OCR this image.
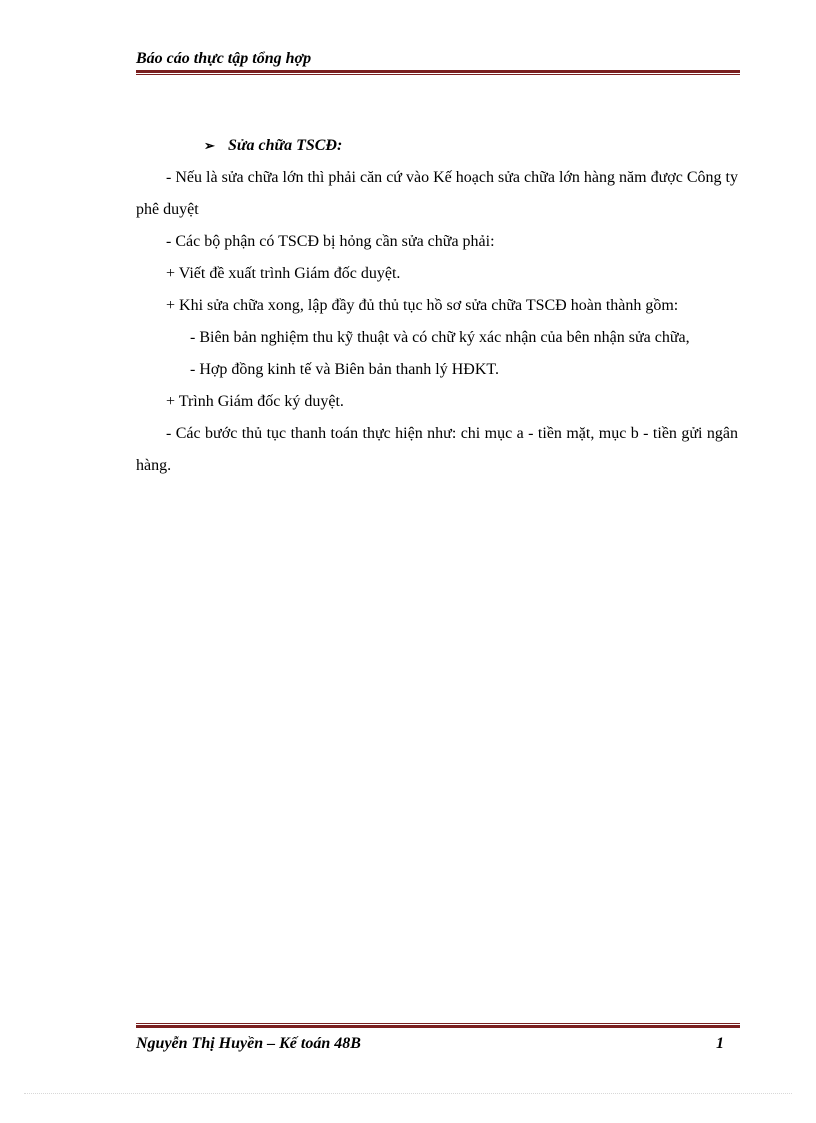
Báo cáo thực tập tổng hợp
➢ Sửa chữa TSCĐ:
- Nếu là sửa chữa lớn thì phải căn cứ vào Kế hoạch sửa chữa lớn hàng năm được Công ty phê duyệt
- Các bộ phận có TSCĐ bị hỏng cần sửa chữa phải:
+ Viết đề xuất trình Giám đốc duyệt.
+ Khi sửa chữa xong, lập đầy đủ thủ tục hồ sơ sửa chữa TSCĐ hoàn thành gồm:
- Biên bản nghiệm thu kỹ thuật và có chữ ký xác nhận của bên nhận sửa chữa,
- Hợp đồng kinh tế và Biên bản thanh lý HĐKT.
+ Trình Giám đốc ký duyệt.
- Các bước thủ tục thanh toán thực hiện như: chi mục a - tiền mặt, mục b - tiền gửi ngân hàng.
Nguyễn Thị Huyền – Kế toán 48B	1
